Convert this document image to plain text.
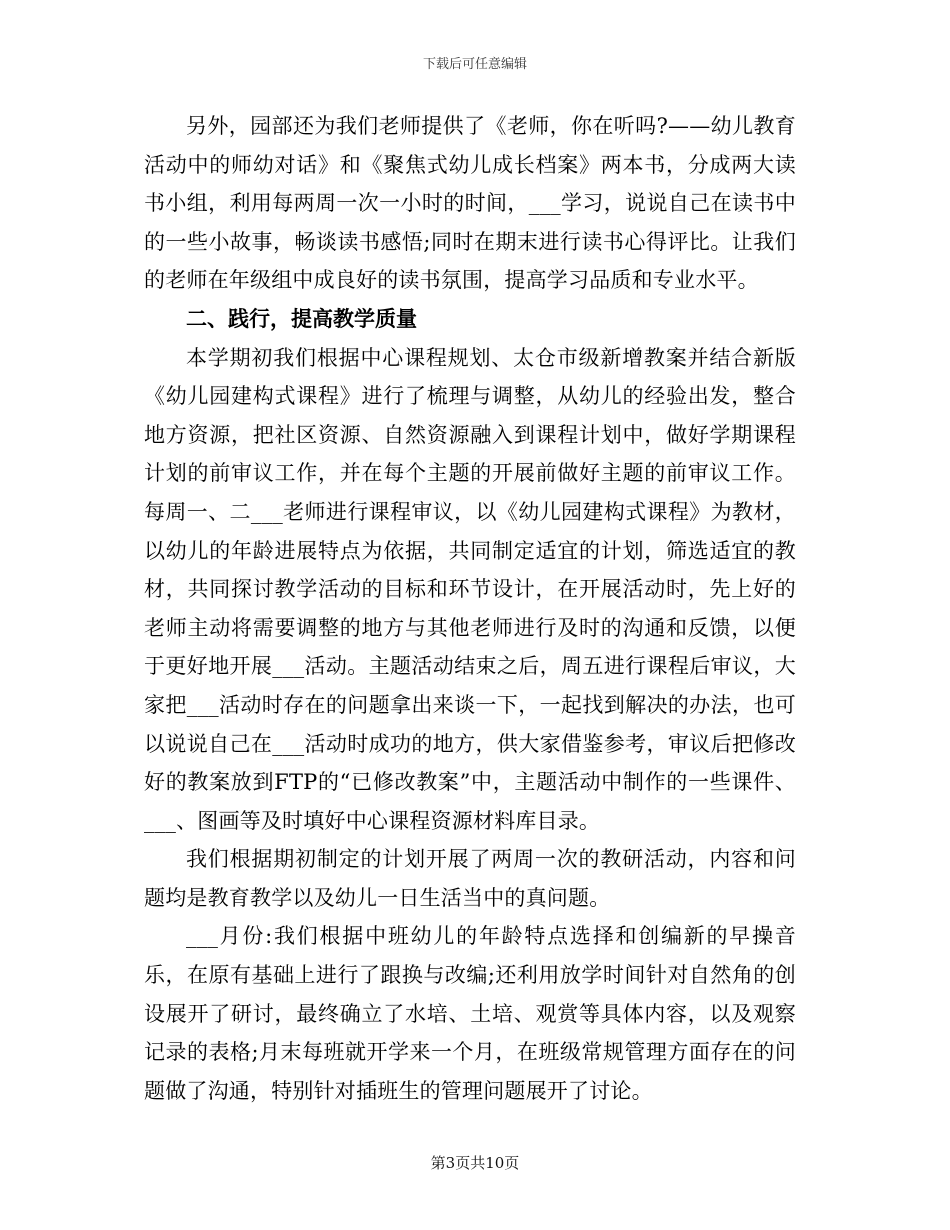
下载后可任意编辑

另外，园部还为我们老师提供了《老师，你在听吗?——幼儿教育活动中的师幼对话》和《聚焦式幼儿成长档案》两本书，分成两大读书小组，利用每两周一次一小时的时间，___学习，说说自己在读书中的一些小故事，畅谈读书感悟;同时在期末进行读书心得评比。让我们的老师在年级组中成良好的读书氛围，提高学习品质和专业水平。

二、践行，提高教学质量

本学期初我们根据中心课程规划、太仓市级新增教案并结合新版《幼儿园建构式课程》进行了梳理与调整，从幼儿的经验出发，整合地方资源，把社区资源、自然资源融入到课程计划中，做好学期课程计划的前审议工作，并在每个主题的开展前做好主题的前审议工作。每周一、二___老师进行课程审议，以《幼儿园建构式课程》为教材，以幼儿的年龄进展特点为依据，共同制定适宜的计划，筛选适宜的教材，共同探讨教学活动的目标和环节设计，在开展活动时，先上好的老师主动将需要调整的地方与其他老师进行及时的沟通和反馈，以便于更好地开展___活动。主题活动结束之后，周五进行课程后审议，大家把___活动时存在的问题拿出来谈一下，一起找到解决的办法，也可以说说自己在___活动时成功的地方，供大家借鉴参考，审议后把修改好的教案放到FTP的“已修改教案”中，主题活动中制作的一些课件、___、图画等及时填好中心课程资源材料库目录。

我们根据期初制定的计划开展了两周一次的教研活动，内容和问题均是教育教学以及幼儿一日生活当中的真问题。

___月份:我们根据中班幼儿的年龄特点选择和创编新的早操音乐，在原有基础上进行了跟换与改编;还利用放学时间针对自然角的创设展开了研讨，最终确立了水培、土培、观赏等具体内容，以及观察记录的表格;月末每班就开学来一个月，在班级常规管理方面存在的问题做了沟通，特别针对插班生的管理问题展开了讨论。

第3页共10页
